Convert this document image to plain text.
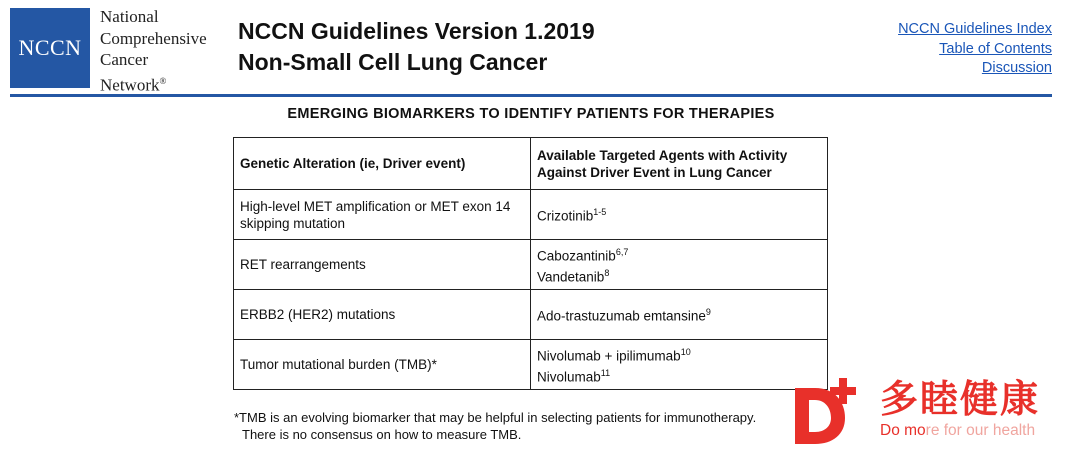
NCCN
National
Comprehensive
Cancer
Network®
NCCN Guidelines Version 1.2019
Non-Small Cell Lung Cancer
NCCN Guidelines Index
Table of Contents
Discussion
EMERGING BIOMARKERS TO IDENTIFY PATIENTS FOR THERAPIES
Genetic Alteration (ie, Driver event)	Available Targeted Agents with Activity Against Driver Event in Lung Cancer
High-level MET amplification or MET exon 14 skipping mutation	Crizotinib$^{1-5}$
RET rearrangements	Cabozantinib$^{6,7}$
Vandetanib$^8$
ERBB2 (HER2) mutations	Ado-trastuzumab emtansine$^9$
Tumor mutational burden (TMB)*	Nivolumab + ipilimumab$^{10}$
Nivolumab$^{11}$
*TMB is an evolving biomarker that may be helpful in selecting patients for immunotherapy.
There is no consensus on how to measure TMB.
多睦健康
Do more for our health
